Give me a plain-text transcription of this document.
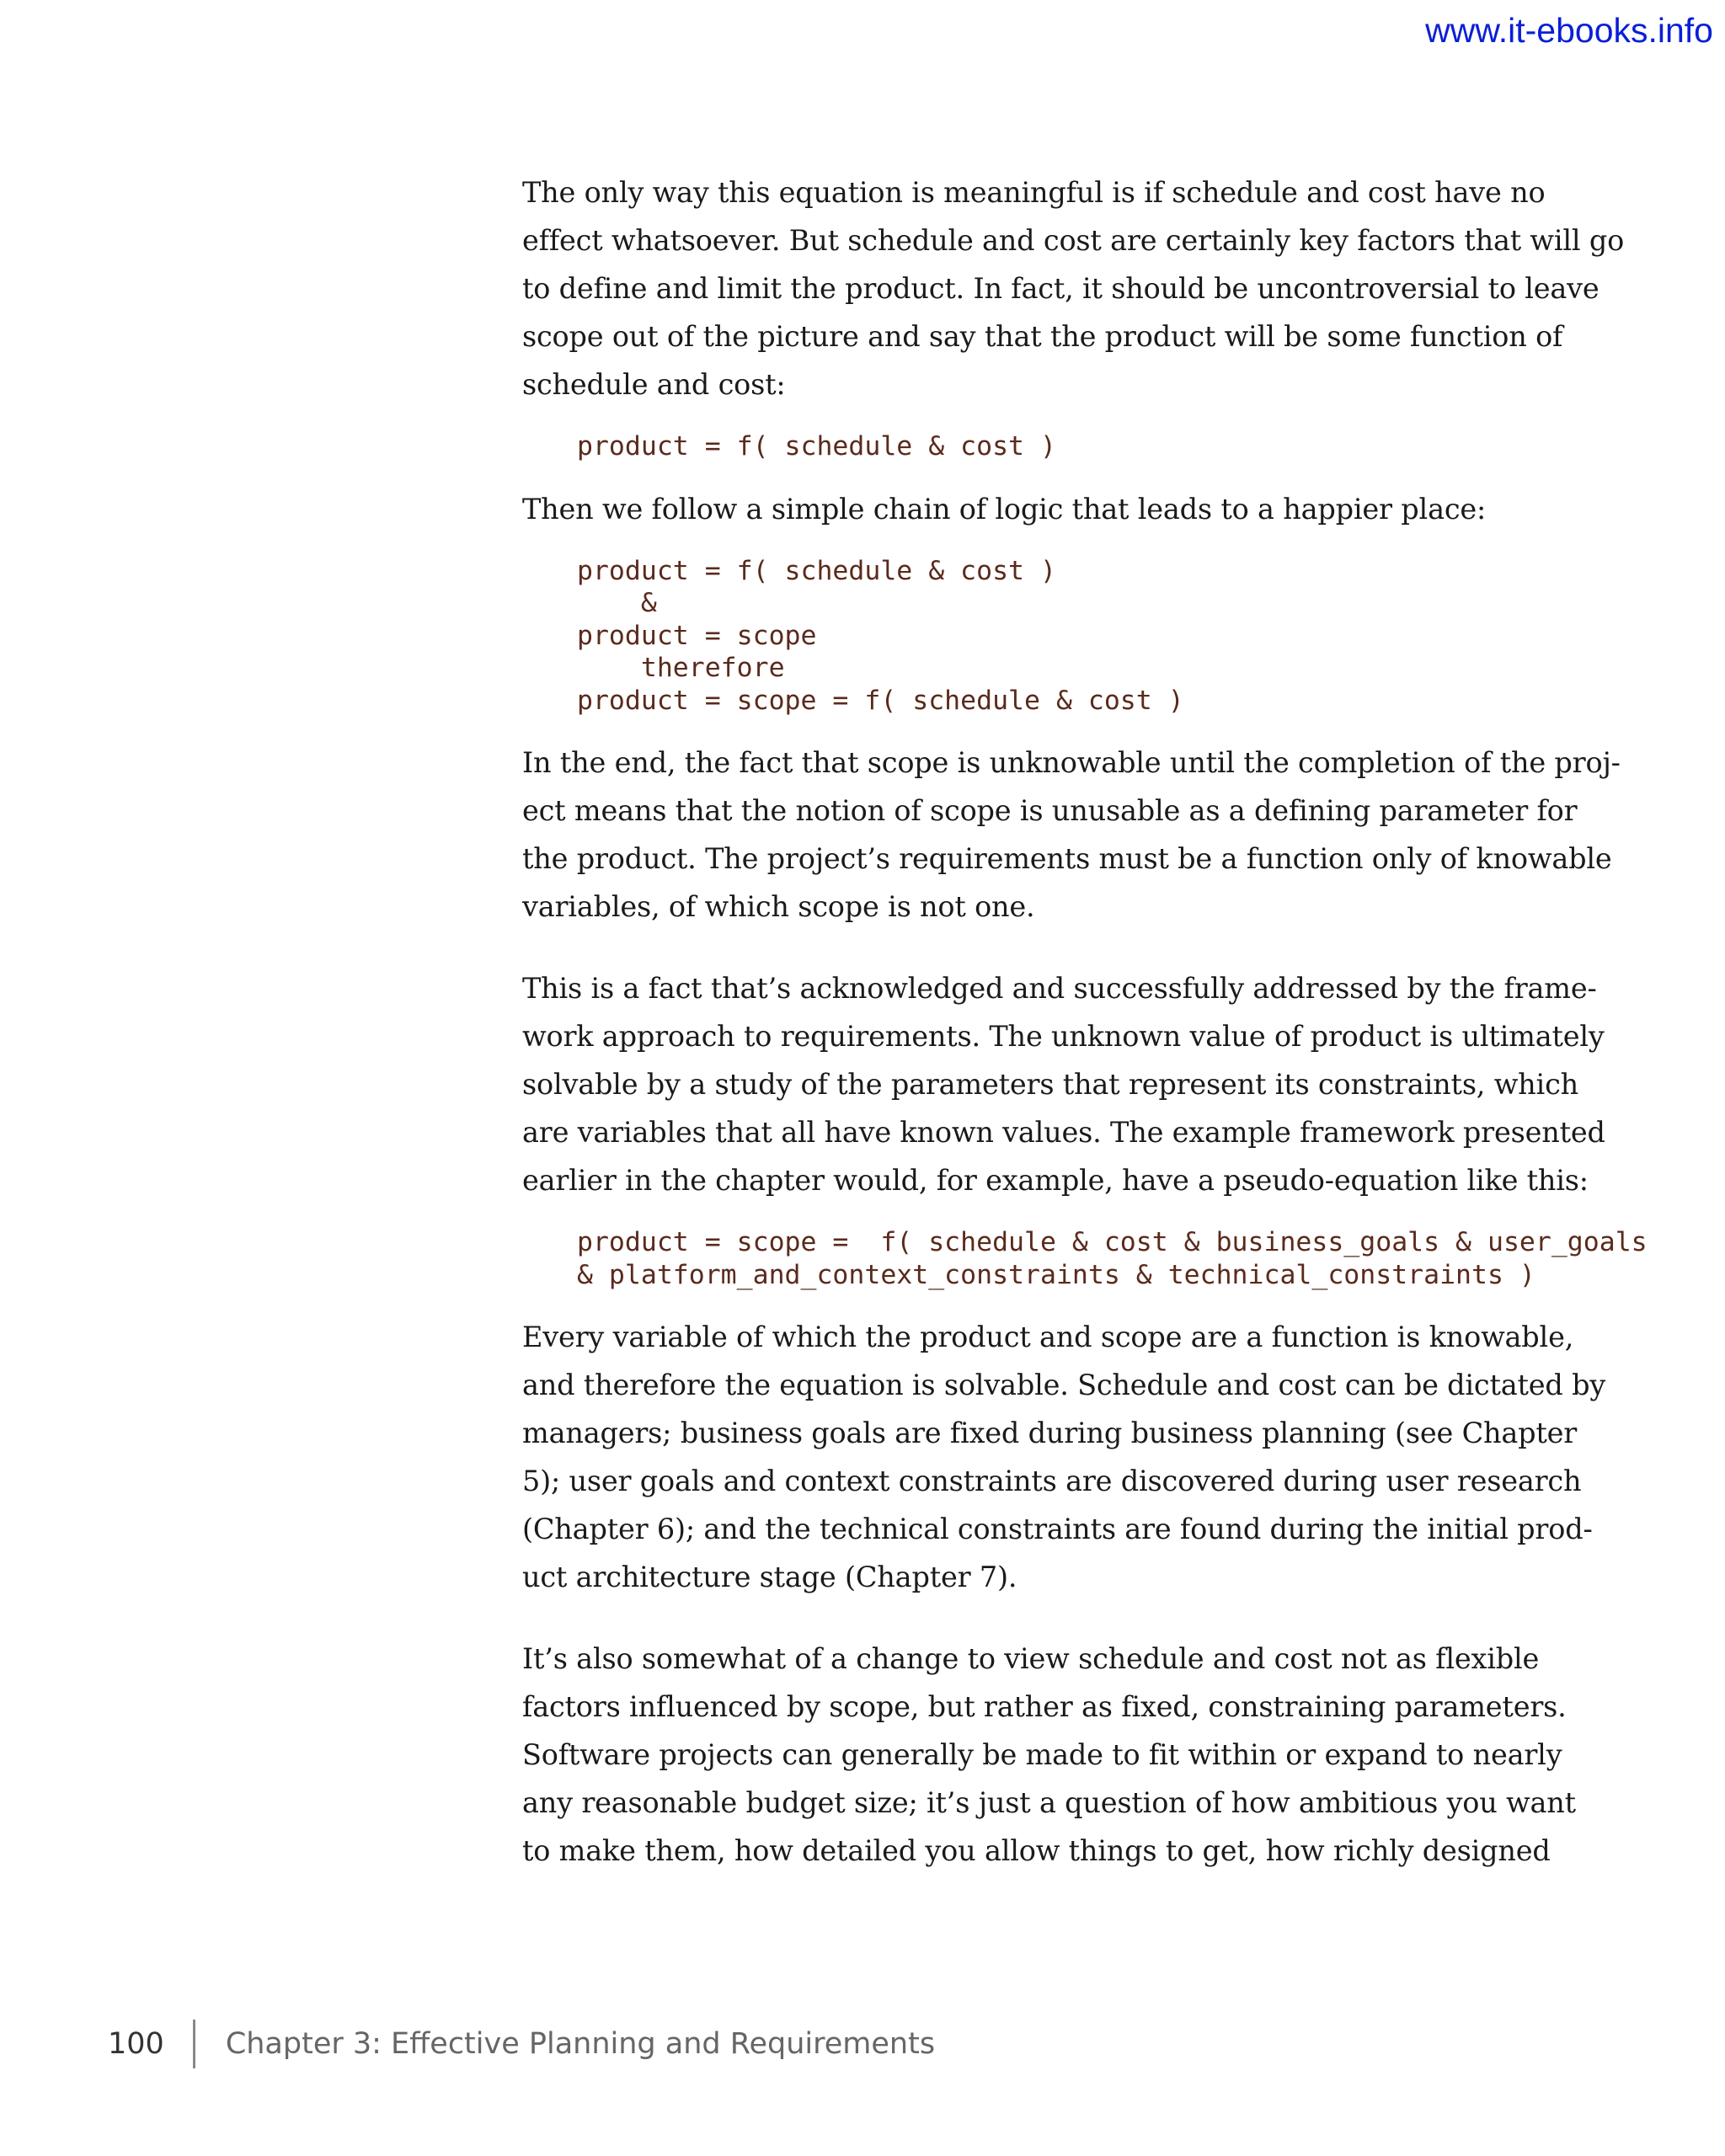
www.it-ebooks.info

The only way this equation is meaningful is if schedule and cost have no
effect whatsoever. But schedule and cost are certainly key factors that will go
to define and limit the product. In fact, it should be uncontroversial to leave
scope out of the picture and say that the product will be some function of
schedule and cost:

product = f( schedule & cost )

Then we follow a simple chain of logic that leads to a happier place:

product = f( schedule & cost )
&
product = scope
therefore
product = scope = f( schedule & cost )

In the end, the fact that scope is unknowable until the completion of the proj-
ect means that the notion of scope is unusable as a defining parameter for
the product. The project’s requirements must be a function only of knowable
variables, of which scope is not one.

This is a fact that’s acknowledged and successfully addressed by the frame-
work approach to requirements. The unknown value of product is ultimately
solvable by a study of the parameters that represent its constraints, which
are variables that all have known values. The example framework presented
earlier in the chapter would, for example, have a pseudo-equation like this:

product = scope =  f( schedule & cost & business_goals & user_goals
& platform_and_context_constraints & technical_constraints )

Every variable of which the product and scope are a function is knowable,
and therefore the equation is solvable. Schedule and cost can be dictated by
managers; business goals are fixed during business planning (see Chapter
5); user goals and context constraints are discovered during user research
(Chapter 6); and the technical constraints are found during the initial prod-
uct architecture stage (Chapter 7).

It’s also somewhat of a change to view schedule and cost not as flexible
factors influenced by scope, but rather as fixed, constraining parameters.
Software projects can generally be made to fit within or expand to nearly
any reasonable budget size; it’s just a question of how ambitious you want
to make them, how detailed you allow things to get, how richly designed

100 Chapter 3: Effective Planning and Requirements
